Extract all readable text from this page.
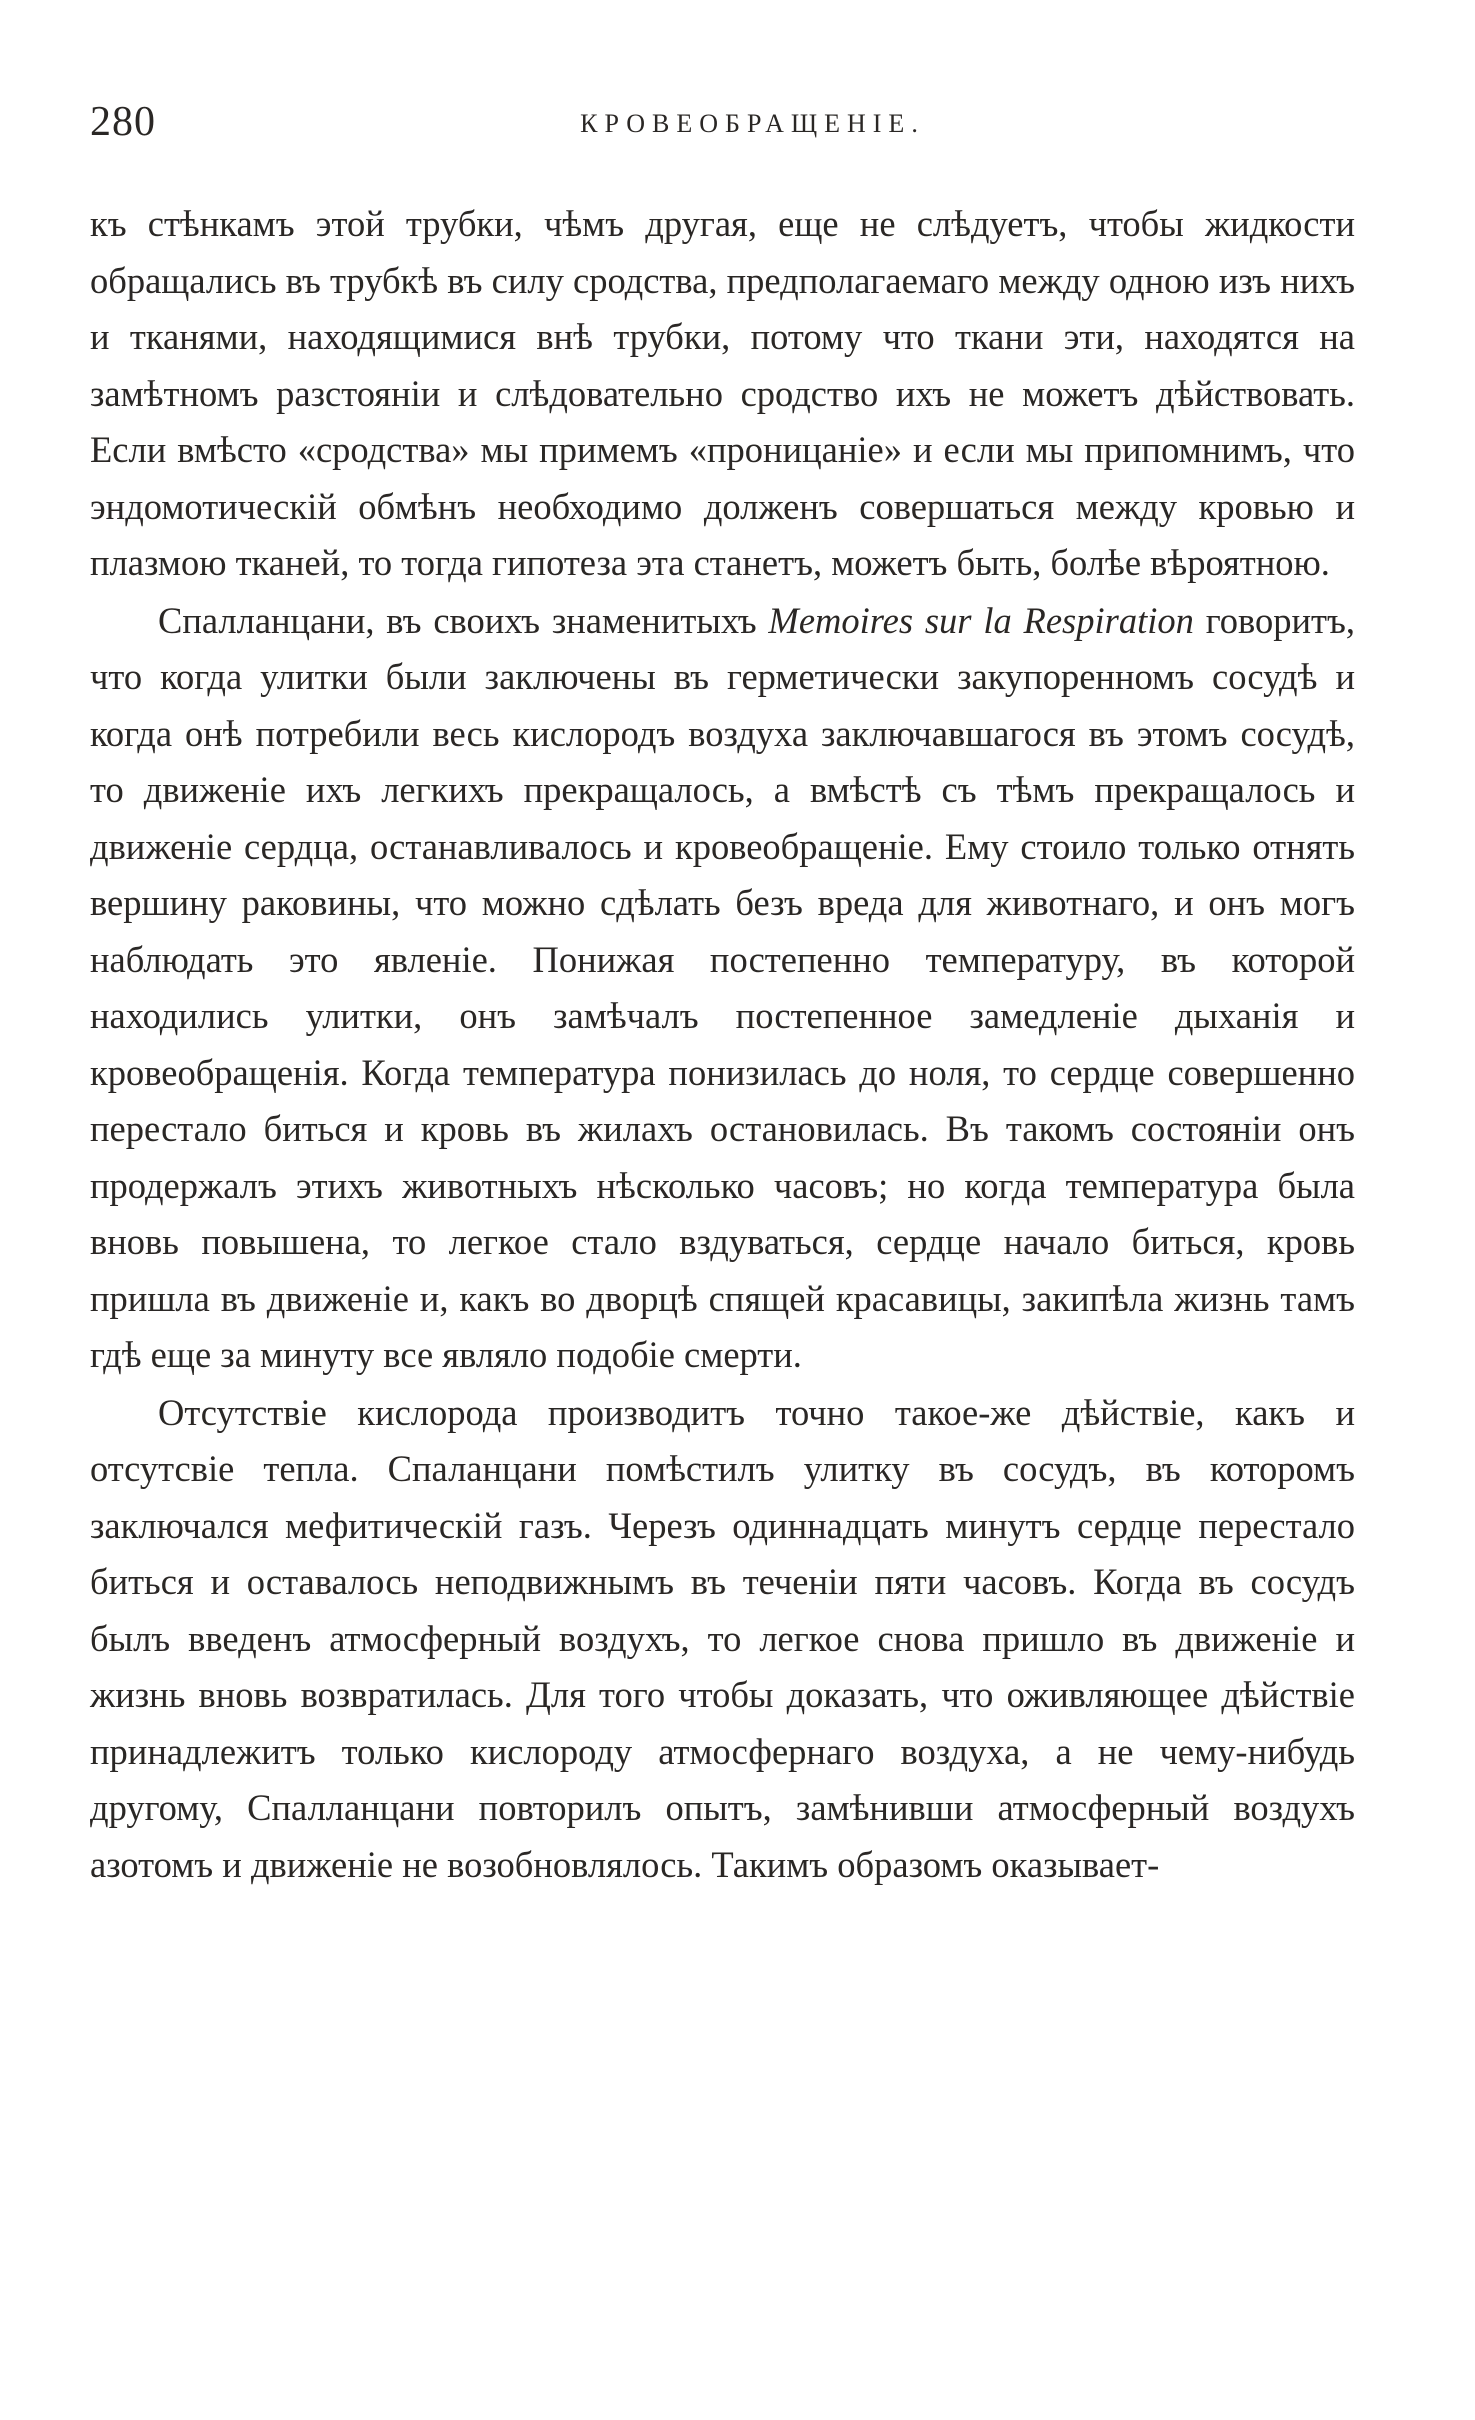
280	КРОВЕОБРАЩЕНІЕ.

къ стѣнкамъ этой трубки, чѣмъ другая, еще не слѣдуетъ, чтобы жидкости обращались въ трубкѣ въ силу сродства, предполагаемаго между одною изъ нихъ и тканями, находящимися внѣ трубки, потому что ткани эти, находятся на замѣтномъ разстояніи и слѣдовательно сродство ихъ не можетъ дѣйствовать. Если вмѣсто «сродства» мы примемъ «проницаніе» и если мы припомнимъ, что эндомотическій обмѣнъ необходимо долженъ совершаться между кровью и плазмою тканей, то тогда гипотеза эта станетъ, можетъ быть, болѣе вѣроятною.

Спалланцани, въ своихъ знаменитыхъ Memoires sur la Respiration говоритъ, что когда улитки были заключены въ герметически закупоренномъ сосудѣ и когда онѣ потребили весь кислородъ воздуха заключавшагося въ этомъ сосудѣ, то движеніе ихъ легкихъ прекращалось, а вмѣстѣ съ тѣмъ прекращалось и движеніе сердца, останавливалось и кровеобращеніе. Ему стоило только отнять вершину раковины, что можно сдѣлать безъ вреда для животнаго, и онъ могъ наблюдать это явленіе. Понижая постепенно температуру, въ которой находились улитки, онъ замѣчалъ постепенное замедленіе дыханія и кровеобращенія. Когда температура понизилась до ноля, то сердце совершенно перестало биться и кровь въ жилахъ остановилась. Въ такомъ состояніи онъ продержалъ этихъ животныхъ нѣсколько часовъ; но когда температура была вновь повышена, то легкое стало вздуваться, сердце начало биться, кровь пришла въ движеніе и, какъ во дворцѣ спящей красавицы, закипѣла жизнь тамъ гдѣ еще за минуту все являло подобіе смерти.

Отсутствіе кислорода производитъ точно такое-же дѣйствіе, какъ и отсутсвіе тепла. Спаланцани помѣстилъ улитку въ сосудъ, въ которомъ заключался мефитическій газъ. Черезъ одиннадцать минутъ сердце перестало биться и оставалось неподвижнымъ въ теченіи пяти часовъ. Когда въ сосудъ былъ введенъ атмосферный воздухъ, то легкое снова пришло въ движеніе и жизнь вновь возвратилась. Для того чтобы доказать, что оживляющее дѣйствіе принадлежитъ только кислороду атмосфернаго воздуха, а не чему-нибудь другому, Спалланцани повторилъ опытъ, замѣнивши атмосферный воздухъ азотомъ и движеніе не возобновлялось. Такимъ образомъ оказывает-
